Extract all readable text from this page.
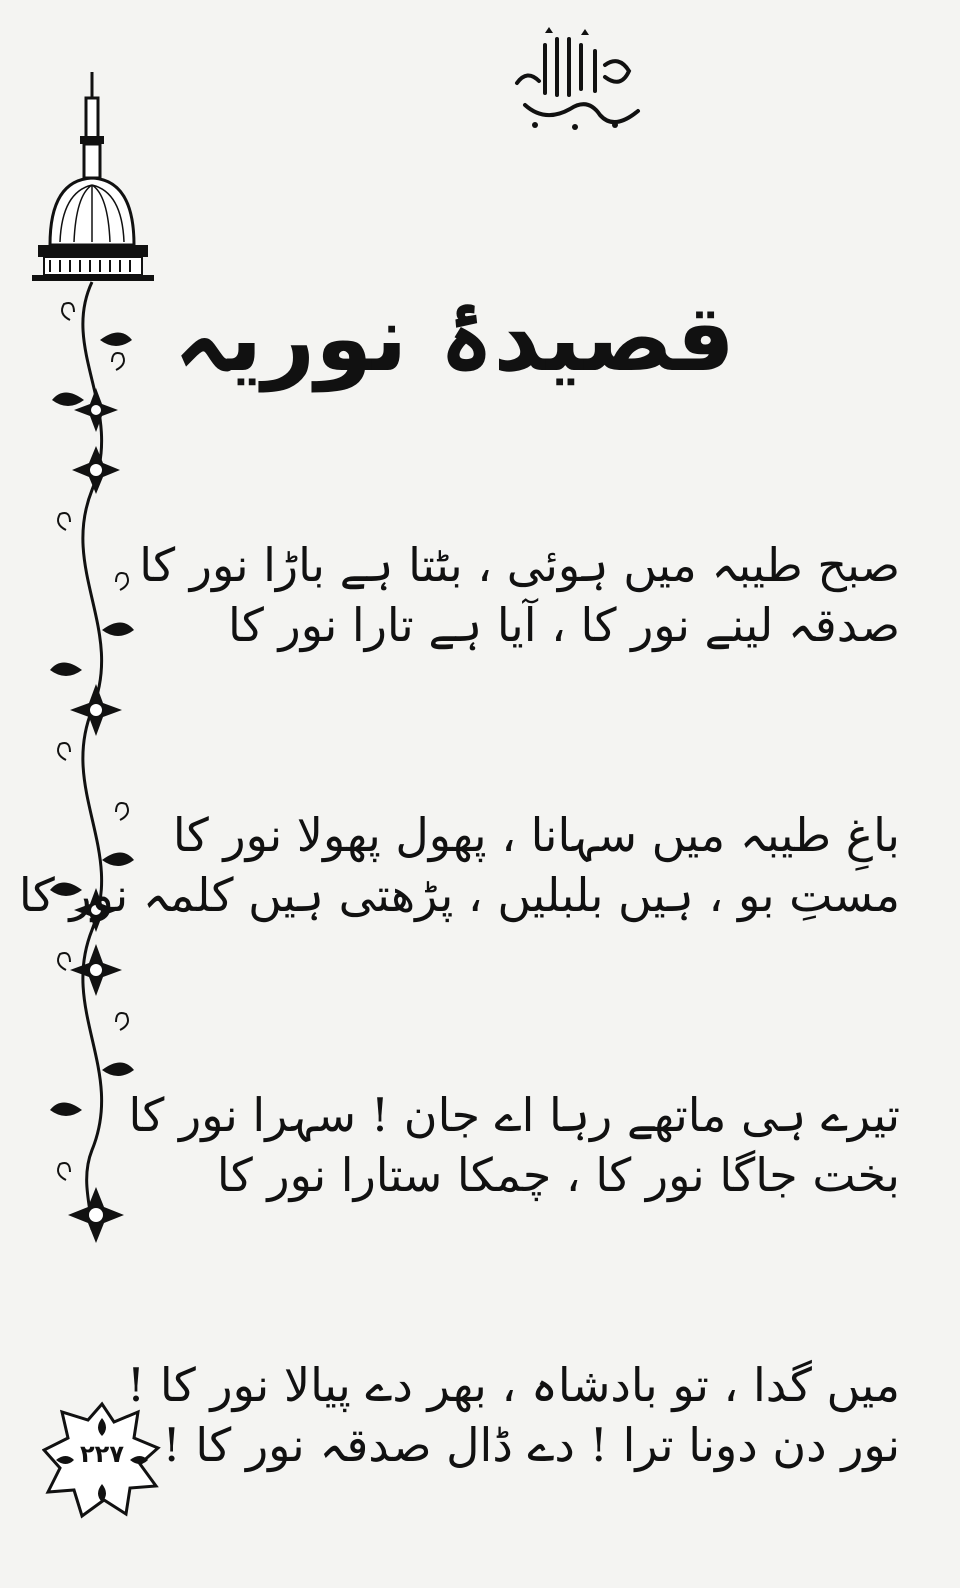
قصیدۂ نوریہ
صبح طیبہ میں ہوئی ، بٹتا ہے باڑا نور کا
صدقہ لینے نور کا ، آیا ہے تارا نور کا
باغِ طیبہ میں سہانا ، پھول پھولا نور کا
مستِ بو ، ہیں بلبلیں ، پڑھتی ہیں کلمہ نور کا
تیرے ہی ماتھے رہا اے جان ! سہرا نور کا
بخت جاگا نور کا ، چمکا ستارا نور کا
میں گدا ، تو بادشاہ ، بھر دے پیالا نور کا !
نور دن دونا ترا ! دے ڈال صدقہ نور کا !
۲۲۷
